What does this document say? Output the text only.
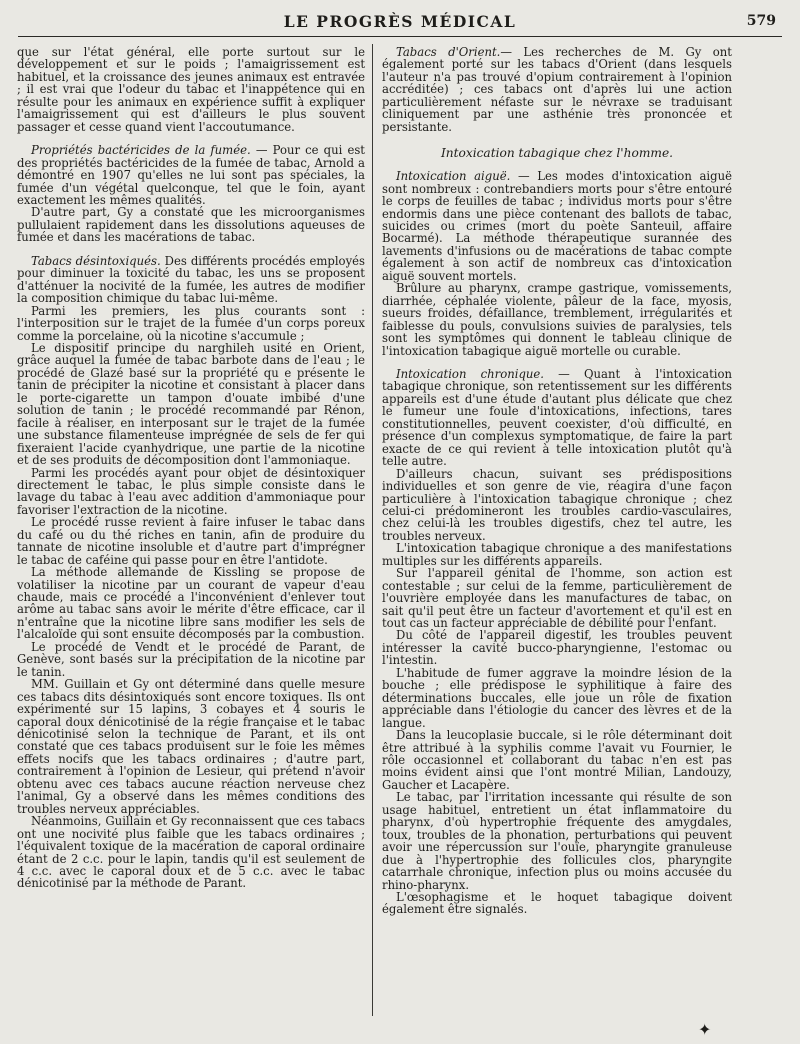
LE PROGRÈS MÉDICAL	579

que sur l'état général, elle porte surtout sur le développement et sur le poids ; l'amaigrissement est habituel, et la croissance des jeunes animaux est entravée ; il est vrai que l'odeur du tabac et l'inappétence qui en résulte pour les animaux en expérience suffit à expliquer l'amaigrissement qui est d'ailleurs le plus souvent passager et cesse quand vient l'accoutumance.

Propriétés bactéricides de la fumée. — Pour ce qui est des propriétés bactéricides de la fumée de tabac, Arnold a démontré en 1907 qu'elles ne lui sont pas spéciales, la fumée d'un végétal quelconque, tel que le foin, ayant exactement les mêmes qualités.

D'autre part, Gy a constaté que les microorganismes pullulaient rapidement dans les dissolutions aqueuses de fumée et dans les macérations de tabac.

Tabacs désintoxiqués. Des différents procédés employés pour diminuer la toxicité du tabac, les uns se proposent d'atténuer la nocivité de la fumée, les autres de modifier la composition chimique du tabac lui-même.

Parmi les premiers, les plus courants sont : l'interposition sur le trajet de la fumée d'un corps poreux comme la porcelaine, où la nicotine s'accumule ;

Le dispositif principe du narghileh usité en Orient, grâce auquel la fumée de tabac barbote dans de l'eau ; le procédé de Glazé basé sur la propriété qu e présente le tanin de précipiter la nicotine et consistant à placer dans le porte-cigarette un tampon d'ouate imbibé d'une solution de tanin ; le procédé recommandé par Rénon, facile à réaliser, en interposant sur le trajet de la fumée une substance filamenteuse imprégnée de sels de fer qui fixeraient l'acide cyanhydrique, une partie de la nicotine et de ses produits de décomposition dont l'ammoniaque.

Parmi les procédés ayant pour objet de désintoxiquer directement le tabac, le plus simple consiste dans le lavage du tabac à l'eau avec addition d'ammoniaque pour favoriser l'extraction de la nicotine.

Le procédé russe revient à faire infuser le tabac dans du café ou du thé riches en tanin, afin de produire du tannate de nicotine insoluble et d'autre part d'imprégner le tabac de caféine qui passe pour en être l'antidote.

La méthode allemande de Kissling se propose de volatiliser la nicotine par un courant de vapeur d'eau chaude, mais ce procédé a l'inconvénient d'enlever tout arôme au tabac sans avoir le mérite d'être efficace, car il n'entraîne que la nicotine libre sans modifier les sels de l'alcaloïde qui sont ensuite décomposés par la combustion.

Le procédé de Vendt et le procédé de Parant, de Genève, sont basés sur la précipitation de la nicotine par le tanin.

MM. Guillain et Gy ont déterminé dans quelle mesure ces tabacs dits désintoxiqués sont encore toxiques. Ils ont expérimenté sur 15 lapins, 3 cobayes et 4 souris le caporal doux dénicotinisé de la régie française et le tabac dénicotinisé selon la technique de Parant, et ils ont constaté que ces tabacs produisent sur le foie les mêmes effets nocifs que les tabacs ordinaires ; d'autre part, contrairement à l'opinion de Lesieur, qui prétend n'avoir obtenu avec ces tabacs aucune réaction nerveuse chez l'animal, Gy a observé dans les mêmes conditions des troubles nerveux appréciables.

Néanmoins, Guillain et Gy reconnaissent que ces tabacs ont une nocivité plus faible que les tabacs ordinaires ; l'équivalent toxique de la macération de caporal ordinaire étant de 2 c.c. pour le lapin, tandis qu'il est seulement de 4 c.c. avec le caporal doux et de 5 c.c. avec le tabac dénicotinisé par la méthode de Parant.

Tabacs d'Orient.— Les recherches de M. Gy ont également porté sur les tabacs d'Orient (dans lesquels l'auteur n'a pas trouvé d'opium contrairement à l'opinion accréditée) ; ces tabacs ont d'après lui une action particulièrement néfaste sur le névraxe se traduisant cliniquement par une asthénie très prononcée et persistante.

Intoxication tabagique chez l'homme.

Intoxication aiguë. — Les modes d'intoxication aiguë sont nombreux : contrebandiers morts pour s'être entouré le corps de feuilles de tabac ; individus morts pour s'être endormis dans une pièce contenant des ballots de tabac, suicides ou crimes (mort du poète Santeuil, affaire Bocarmé). La méthode thérapeutique surannée des lavements d'infusions ou de macérations de tabac compte également à son actif de nombreux cas d'intoxication aiguë souvent mortels.

Brûlure au pharynx, crampe gastrique, vomissements, diarrhée, céphalée violente, pâleur de la face, myosis, sueurs froides, défaillance, tremblement, irrégularités et faiblesse du pouls, convulsions suivies de paralysies, tels sont les symptômes qui donnent le tableau clinique de l'intoxication tabagique aiguë mortelle ou curable.

Intoxication chronique. — Quant à l'intoxication tabagique chronique, son retentissement sur les différents appareils est d'une étude d'autant plus délicate que chez le fumeur une foule d'intoxications, infections, tares constitutionnelles, peuvent coexister, d'où difficulté, en présence d'un complexus symptomatique, de faire la part exacte de ce qui revient à telle intoxication plutôt qu'à telle autre.

D'ailleurs chacun, suivant ses prédispositions individuelles et son genre de vie, réagira d'une façon particulière à l'intoxication tabagique chronique ; chez celui-ci prédomineront les troubles cardio-vasculaires, chez celui-là les troubles digestifs, chez tel autre, les troubles nerveux.

L'intoxication tabagique chronique a des manifestations multiples sur les différents appareils.

Sur l'appareil génital de l'homme, son action est contestable ; sur celui de la femme, particulièrement de l'ouvrière employée dans les manufactures de tabac, on sait qu'il peut être un facteur d'avortement et qu'il est en tout cas un facteur appréciable de débilité pour l'enfant.

Du côté de l'appareil digestif, les troubles peuvent intéresser la cavité bucco-pharyngienne, l'estomac ou l'intestin.

L'habitude de fumer aggrave la moindre lésion de la bouche ; elle prédispose le syphilitique à faire des déterminations buccales, elle joue un rôle de fixation appréciable dans l'étiologie du cancer des lèvres et de la langue.

Dans la leucoplasie buccale, si le rôle déterminant doit être attribué à la syphilis comme l'avait vu Fournier, le rôle occasionnel et collaborant du tabac n'en est pas moins évident ainsi que l'ont montré Milian, Landouzy, Gaucher et Lacapère.

Le tabac, par l'irritation incessante qui résulte de son usage habituel, entretient un état inflammatoire du pharynx, d'où hypertrophie fréquente des amygdales, toux, troubles de la phonation, perturbations qui peuvent avoir une répercussion sur l'ouïe, pharyngite granuleuse due à l'hypertrophie des follicules clos, pharyngite catarrhale chronique, infection plus ou moins accusée du rhino-pharynx.

L'œsophagisme et le hoquet tabagique doivent également être signalés.

✦
